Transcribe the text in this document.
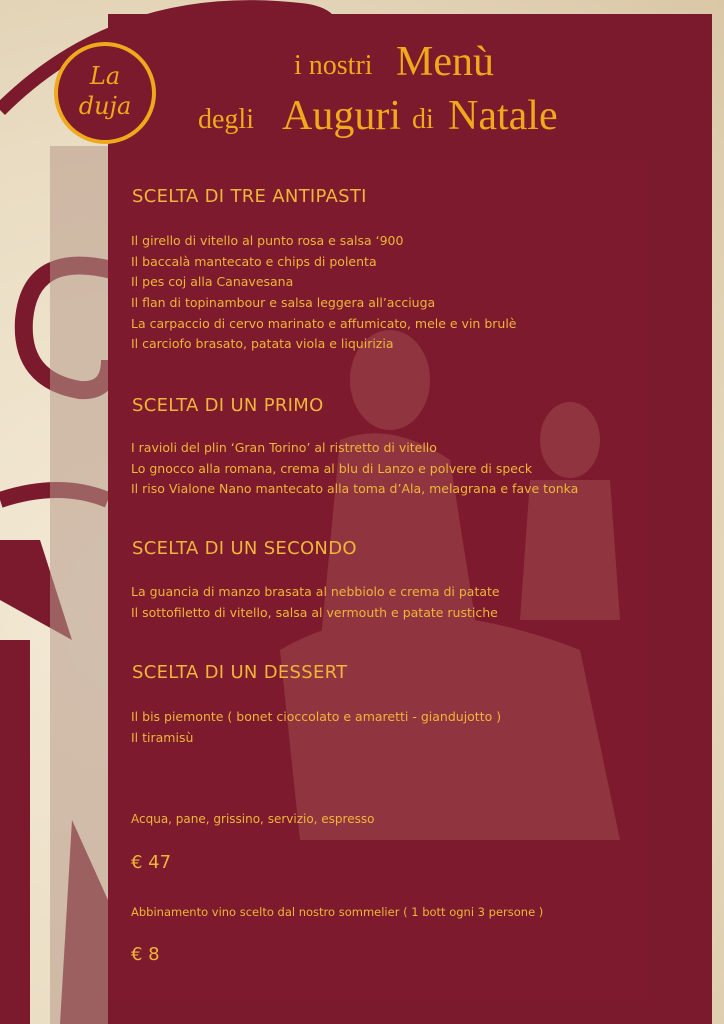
La
duja
i nostri Menù
degli Auguri di Natale
SCELTA DI TRE ANTIPASTI
Il girello di vitello al punto rosa e salsa ‘900
Il baccalà mantecato e chips di polenta
Il pes coj alla Canavesana
Il flan di topinambour e salsa leggera all’acciuga
La carpaccio di cervo marinato e affumicato, mele e vin brulè
Il carciofo brasato, patata viola e liquirizia
SCELTA DI UN PRIMO
I ravioli del plin ‘Gran Torino’ al ristretto di vitello
Lo gnocco alla romana, crema al blu di Lanzo e polvere di speck
Il riso Vialone Nano mantecato alla toma d’Ala, melagrana e fave tonka
SCELTA DI UN SECONDO
La guancia di manzo brasata al nebbiolo e crema di patate
Il sottofiletto di vitello, salsa al vermouth e patate rustiche
SCELTA DI UN DESSERT
Il bis piemonte ( bonet cioccolato e amaretti - giandujotto )
Il tiramisù
Acqua, pane, grissino, servizio, espresso
€ 47
Abbinamento vino scelto dal nostro sommelier ( 1 bott ogni 3 persone )
€ 8
